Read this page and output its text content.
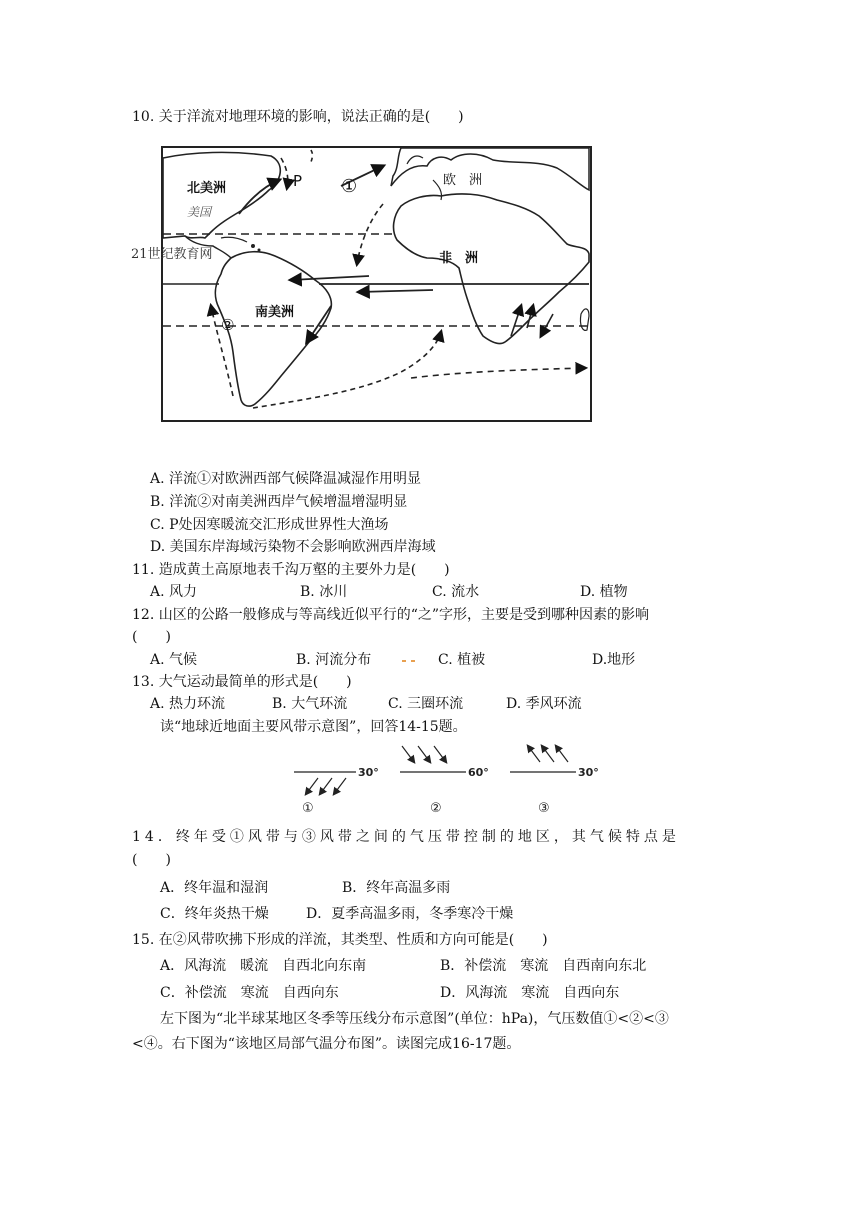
10. 关于洋流对地理环境的影响，说法正确的是(　　)
北美洲
美国
P ①	欧　洲
非　洲
南美洲
②
21世纪教育网
A. 洋流①对欧洲西部气候降温减湿作用明显
B. 洋流②对南美洲西岸气候增温增湿明显
C. P处因寒暖流交汇形成世界性大渔场
D. 美国东岸海域污染物不会影响欧洲西岸海域
11. 造成黄土高原地表千沟万壑的主要外力是(　　)
A. 风力	B. 冰川	C. 流水	D. 植物
12. 山区的公路一般修成与等高线近似平行的“之”字形，主要是受到哪种因素的影响
(　　)
A. 气候	B. 河流分布	C. 植被	D.地形
13. 大气运动最简单的形式是(　　)
A. 热力环流	B. 大气环流	C. 三圈环流	D. 季风环流
读“地球近地面主要风带示意图”，回答14-15题。
30°
①
60°
②
30°
③
14．终年受①风带与③风带之间的气压带控制的地区，其气候特点是
(　　)
A．终年温和湿润	B．终年高温多雨
C．终年炎热干燥	D．夏季高温多雨，冬季寒冷干燥
15. 在②风带吹拂下形成的洋流，其类型、性质和方向可能是(　　)
A．风海流　暖流　自西北向东南	B．补偿流　寒流　自西南向东北
C．补偿流　寒流　自西向东	D．风海流　寒流　自西向东
左下图为“北半球某地区冬季等压线分布示意图”(单位：hPa)，气压数值①<②<③
<④。右下图为“该地区局部气温分布图”。读图完成16-17题。
